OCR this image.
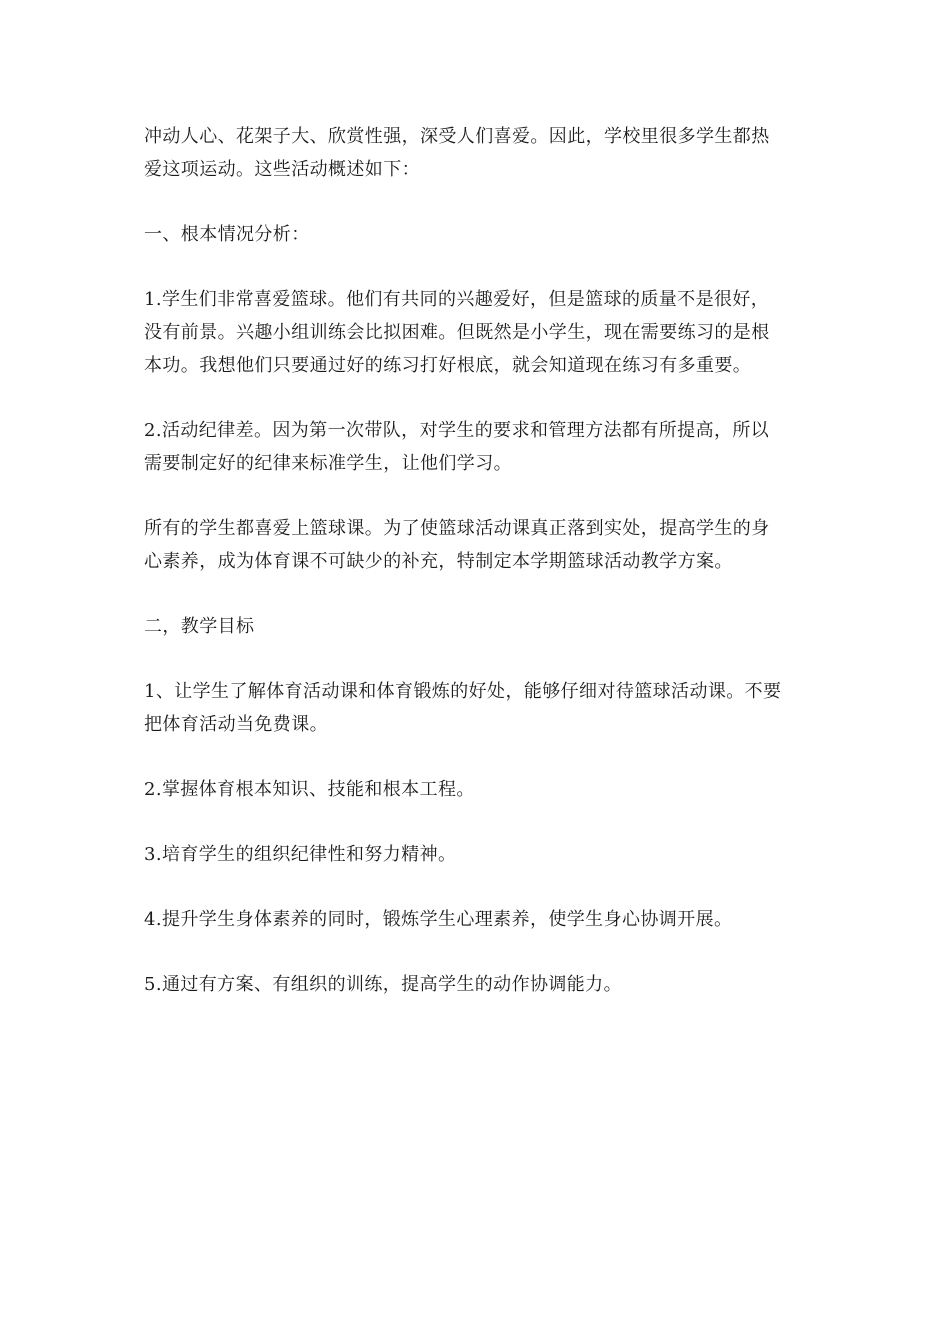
冲动人心、花架子大、欣赏性强，深受人们喜爱。因此，学校里很多学生都热
爱这项运动。这些活动概述如下：

一、根本情况分析：

1.学生们非常喜爱篮球。他们有共同的兴趣爱好，但是篮球的质量不是很好，
没有前景。兴趣小组训练会比拟困难。但既然是小学生，现在需要练习的是根
本功。我想他们只要通过好的练习打好根底，就会知道现在练习有多重要。

2.活动纪律差。因为第一次带队，对学生的要求和管理方法都有所提高，所以
需要制定好的纪律来标准学生，让他们学习。

所有的学生都喜爱上篮球课。为了使篮球活动课真正落到实处，提高学生的身
心素养，成为体育课不可缺少的补充，特制定本学期篮球活动教学方案。

二，教学目标

1、让学生了解体育活动课和体育锻炼的好处，能够仔细对待篮球活动课。不要
把体育活动当免费课。

2.掌握体育根本知识、技能和根本工程。

3.培育学生的组织纪律性和努力精神。

4.提升学生身体素养的同时，锻炼学生心理素养，使学生身心协调开展。

5.通过有方案、有组织的训练，提高学生的动作协调能力。
